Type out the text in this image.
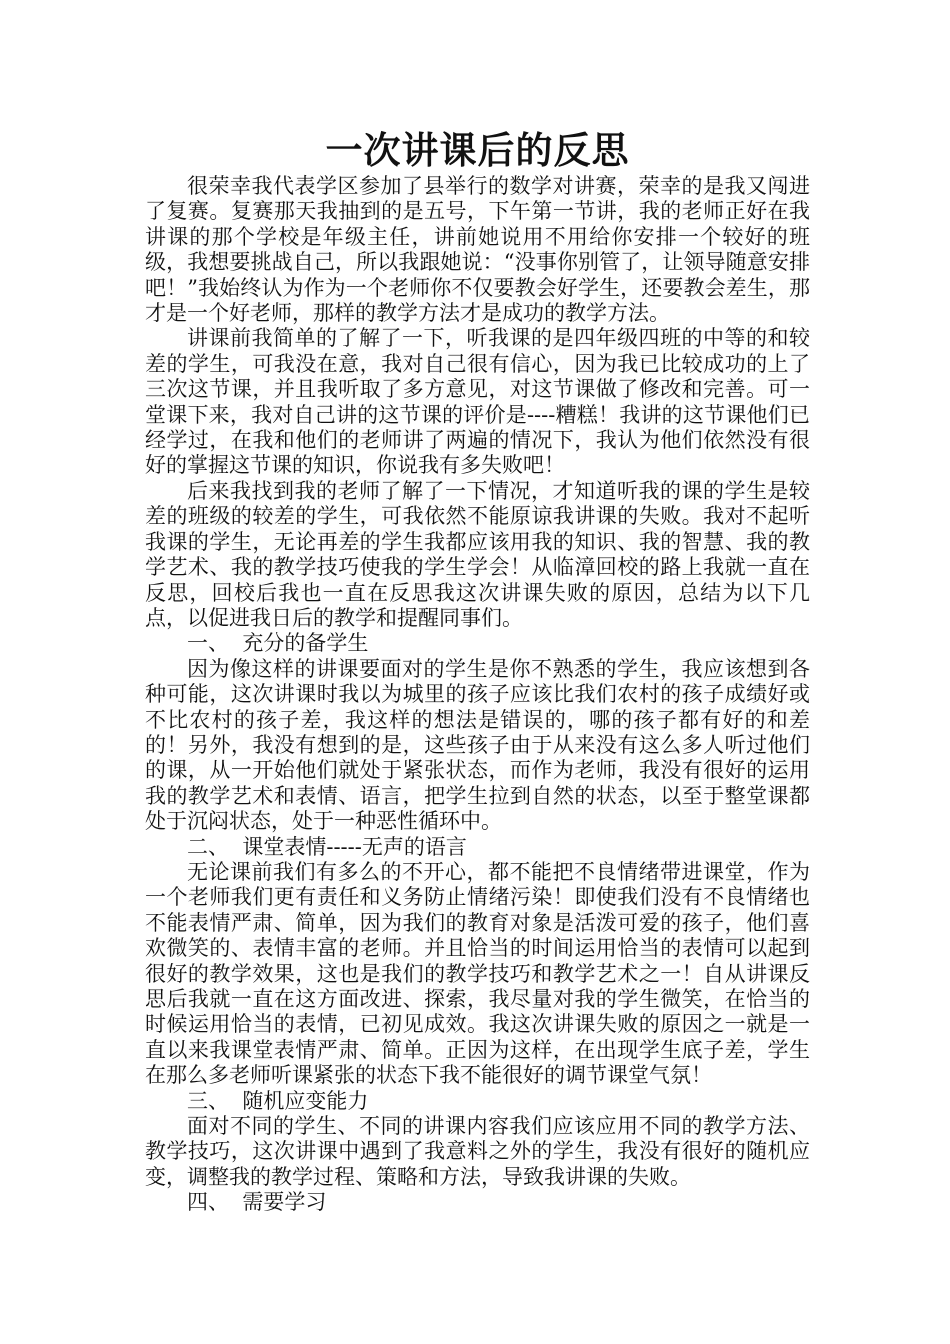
一次讲课后的反思

很荣幸我代表学区参加了县举行的数学对讲赛，荣幸的是我又闯进了复赛。复赛那天我抽到的是五号，下午第一节讲，我的老师正好在我讲课的那个学校是年级主任，讲前她说用不用给你安排一个较好的班级，我想要挑战自己，所以我跟她说：“没事你别管了，让领导随意安排吧！”我始终认为作为一个老师你不仅要教会好学生，还要教会差生，那才是一个好老师，那样的教学方法才是成功的教学方法。

讲课前我简单的了解了一下，听我课的是四年级四班的中等的和较差的学生，可我没在意，我对自己很有信心，因为我已比较成功的上了三次这节课，并且我听取了多方意见，对这节课做了修改和完善。可一堂课下来，我对自己讲的这节课的评价是----糟糕！我讲的这节课他们已经学过，在我和他们的老师讲了两遍的情况下，我认为他们依然没有很好的掌握这节课的知识，你说我有多失败吧！

后来我找到我的老师了解了一下情况，才知道听我的课的学生是较差的班级的较差的学生，可我依然不能原谅我讲课的失败。我对不起听我课的学生，无论再差的学生我都应该用我的知识、我的智慧、我的教学艺术、我的教学技巧使我的学生学会！从临漳回校的路上我就一直在反思，回校后我也一直在反思我这次讲课失败的原因，总结为以下几点，以促进我日后的教学和提醒同事们。

一、  充分的备学生

因为像这样的讲课要面对的学生是你不熟悉的学生，我应该想到各种可能，这次讲课时我以为城里的孩子应该比我们农村的孩子成绩好或不比农村的孩子差，我这样的想法是错误的，哪的孩子都有好的和差的！另外，我没有想到的是，这些孩子由于从来没有这么多人听过他们的课，从一开始他们就处于紧张状态，而作为老师，我没有很好的运用我的教学艺术和表情、语言，把学生拉到自然的状态，以至于整堂课都处于沉闷状态，处于一种恶性循环中。

二、  课堂表情-----无声的语言

无论课前我们有多么的不开心，都不能把不良情绪带进课堂，作为一个老师我们更有责任和义务防止情绪污染！即使我们没有不良情绪也不能表情严肃、简单，因为我们的教育对象是活泼可爱的孩子，他们喜欢微笑的、表情丰富的老师。并且恰当的时间运用恰当的表情可以起到很好的教学效果，这也是我们的教学技巧和教学艺术之一！自从讲课反思后我就一直在这方面改进、探索，我尽量对我的学生微笑，在恰当的时候运用恰当的表情，已初见成效。我这次讲课失败的原因之一就是一直以来我课堂表情严肃、简单。正因为这样，在出现学生底子差，学生在那么多老师听课紧张的状态下我不能很好的调节课堂气氛！

三、  随机应变能力

面对不同的学生、不同的讲课内容我们应该应用不同的教学方法、教学技巧，这次讲课中遇到了我意料之外的学生，我没有很好的随机应变，调整我的教学过程、策略和方法，导致我讲课的失败。

四、  需要学习
